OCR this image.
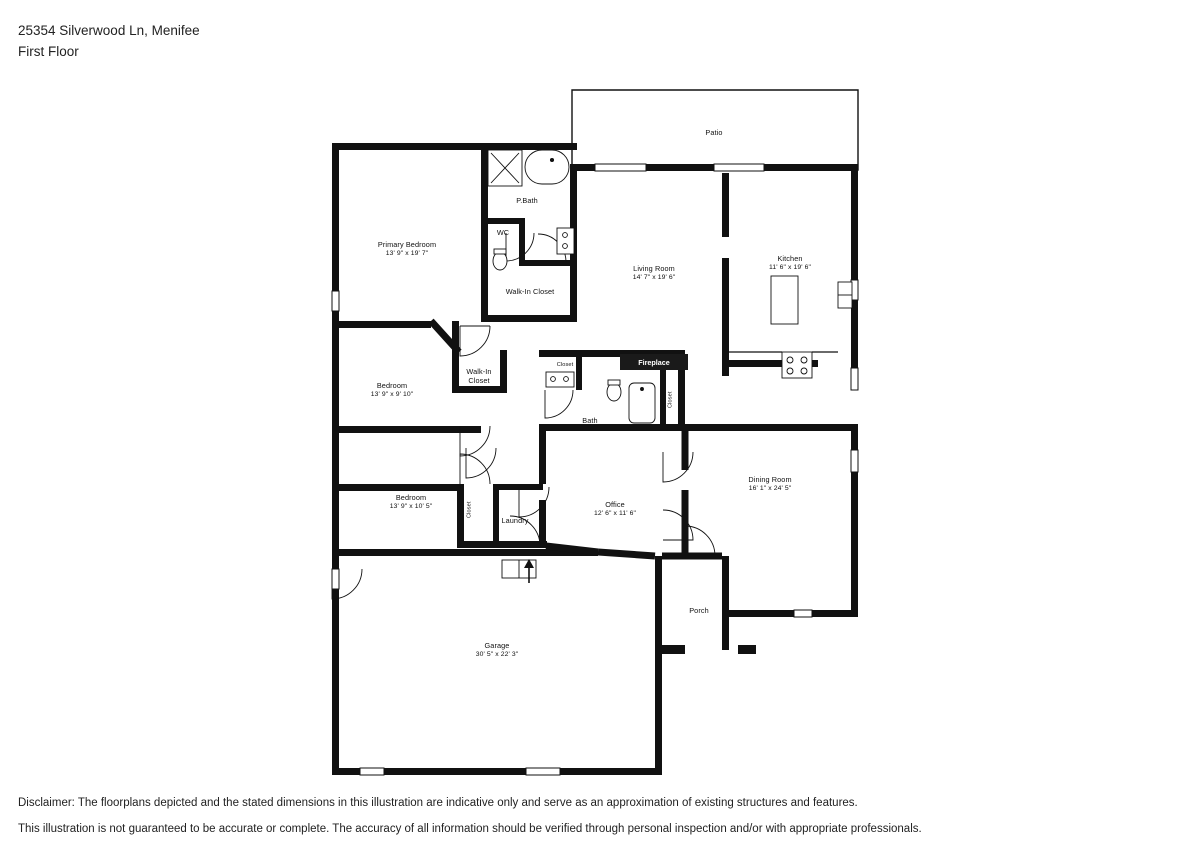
25354 Silverwood Ln, Menifee
First Floor
Patio
P.Bath
WC
Primary Bedroom
13' 9" x 19' 7"
Living Room
14' 7" x 19' 6"
Kitchen
11' 6" x 19' 6"
Walk-In Closet
Walk-In
Closet
Bedroom
13' 9" x 9' 10"
Bath
Dining Room
16' 1" x 24' 5"
Bedroom
13' 9" x 10' 5"	Office
12' 6" x 11' 6"
Laundry
Porch
Garage
30' 5" x 22' 3"
Closet
Closet
Closet
Fireplace
Disclaimer: The floorplans depicted and the stated dimensions in this illustration are indicative only and serve as an approximation of existing structures and features.
This illustration is not guaranteed to be accurate or complete. The accuracy of all information should be verified through personal inspection and/or with appropriate professionals.
